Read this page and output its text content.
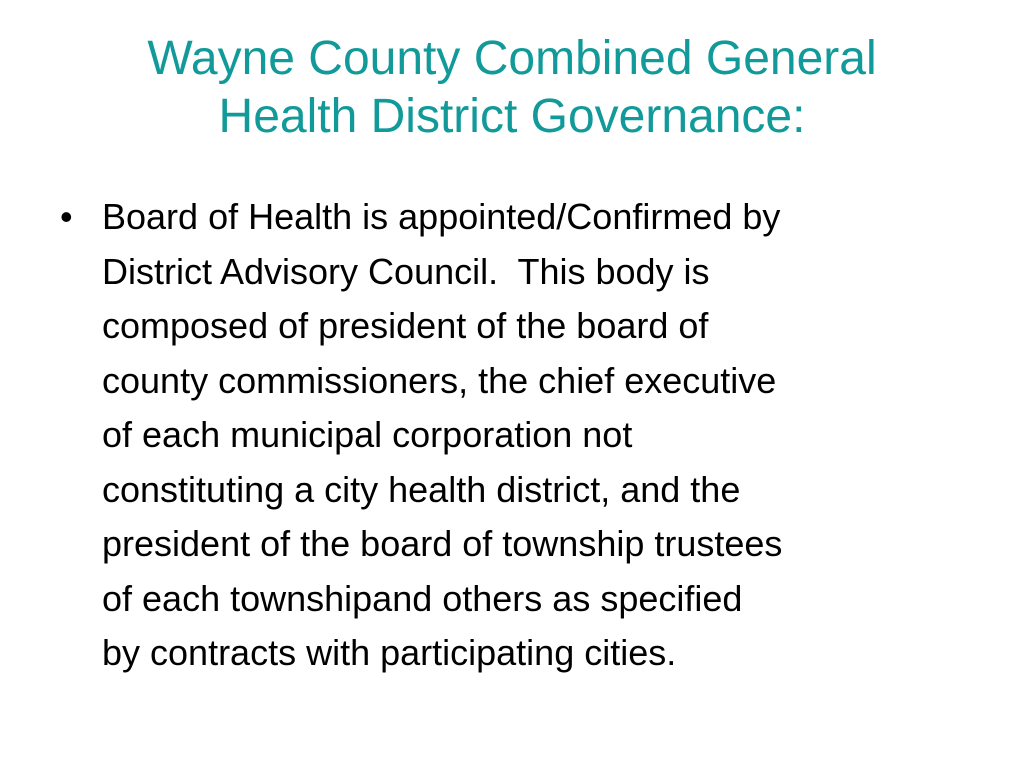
Wayne County Combined General
Health District Governance:
• Board of Health is appointed/Confirmed by
District Advisory Council.  This body is
composed of president of the board of
county commissioners, the chief executive
of each municipal corporation not
constituting a city health district, and the
president of the board of township trustees
of each townshipand others as specified
by contracts with participating cities.
